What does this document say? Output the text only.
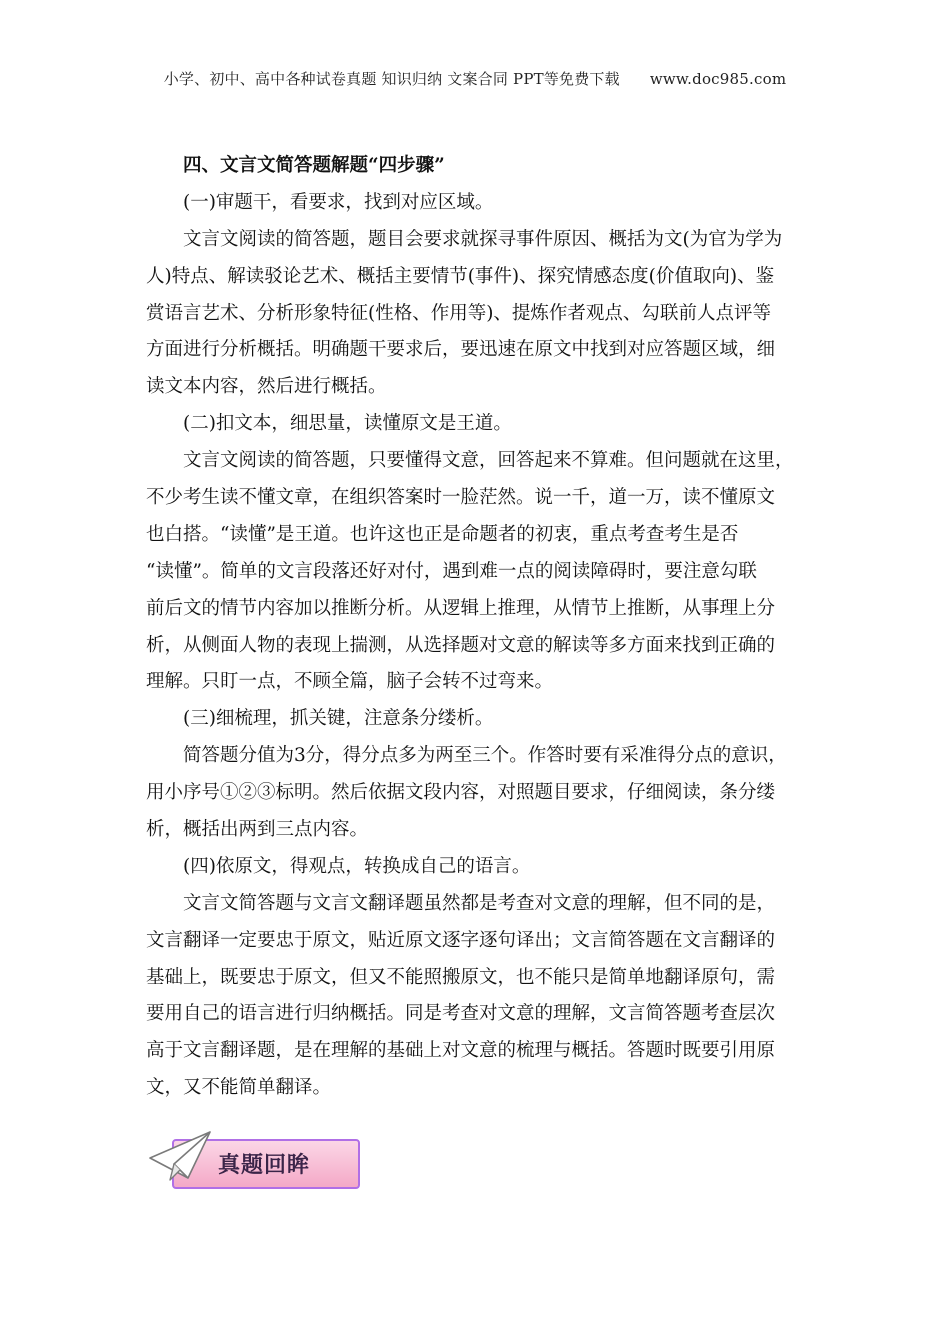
小学、初中、高中各种试卷真题 知识归纳 文案合同 PPT等免费下载 www.doc985.com
四、文言文简答题解题“四步骤”
(一)审题干，看要求，找到对应区域。
文言文阅读的简答题，题目会要求就探寻事件原因、概括为文(为官为学为
人)特点、解读驳论艺术、概括主要情节(事件)、探究情感态度(价值取向)、鉴
赏语言艺术、分析形象特征(性格、作用等)、提炼作者观点、勾联前人点评等
方面进行分析概括。明确题干要求后，要迅速在原文中找到对应答题区域，细
读文本内容，然后进行概括。
(二)扣文本，细思量，读懂原文是王道。
文言文阅读的简答题，只要懂得文意，回答起来不算难。但问题就在这里，
不少考生读不懂文章，在组织答案时一脸茫然。说一千，道一万，读不懂原文
也白搭。“读懂”是王道。也许这也正是命题者的初衷，重点考查考生是否
“读懂”。简单的文言段落还好对付，遇到难一点的阅读障碍时，要注意勾联
前后文的情节内容加以推断分析。从逻辑上推理，从情节上推断，从事理上分
析，从侧面人物的表现上揣测，从选择题对文意的解读等多方面来找到正确的
理解。只盯一点，不顾全篇，脑子会转不过弯来。
(三)细梳理，抓关键，注意条分缕析。
简答题分值为3分，得分点多为两至三个。作答时要有采准得分点的意识，
用小序号①②③标明。然后依据文段内容，对照题目要求，仔细阅读，条分缕
析，概括出两到三点内容。
(四)依原文，得观点，转换成自己的语言。
文言文简答题与文言文翻译题虽然都是考查对文意的理解，但不同的是，
文言翻译一定要忠于原文，贴近原文逐字逐句译出；文言简答题在文言翻译的
基础上，既要忠于原文，但又不能照搬原文，也不能只是简单地翻译原句，需
要用自己的语言进行归纳概括。同是考查对文意的理解，文言简答题考查层次
高于文言翻译题，是在理解的基础上对文意的梳理与概括。答题时既要引用原
文，又不能简单翻译。
真题回眸
